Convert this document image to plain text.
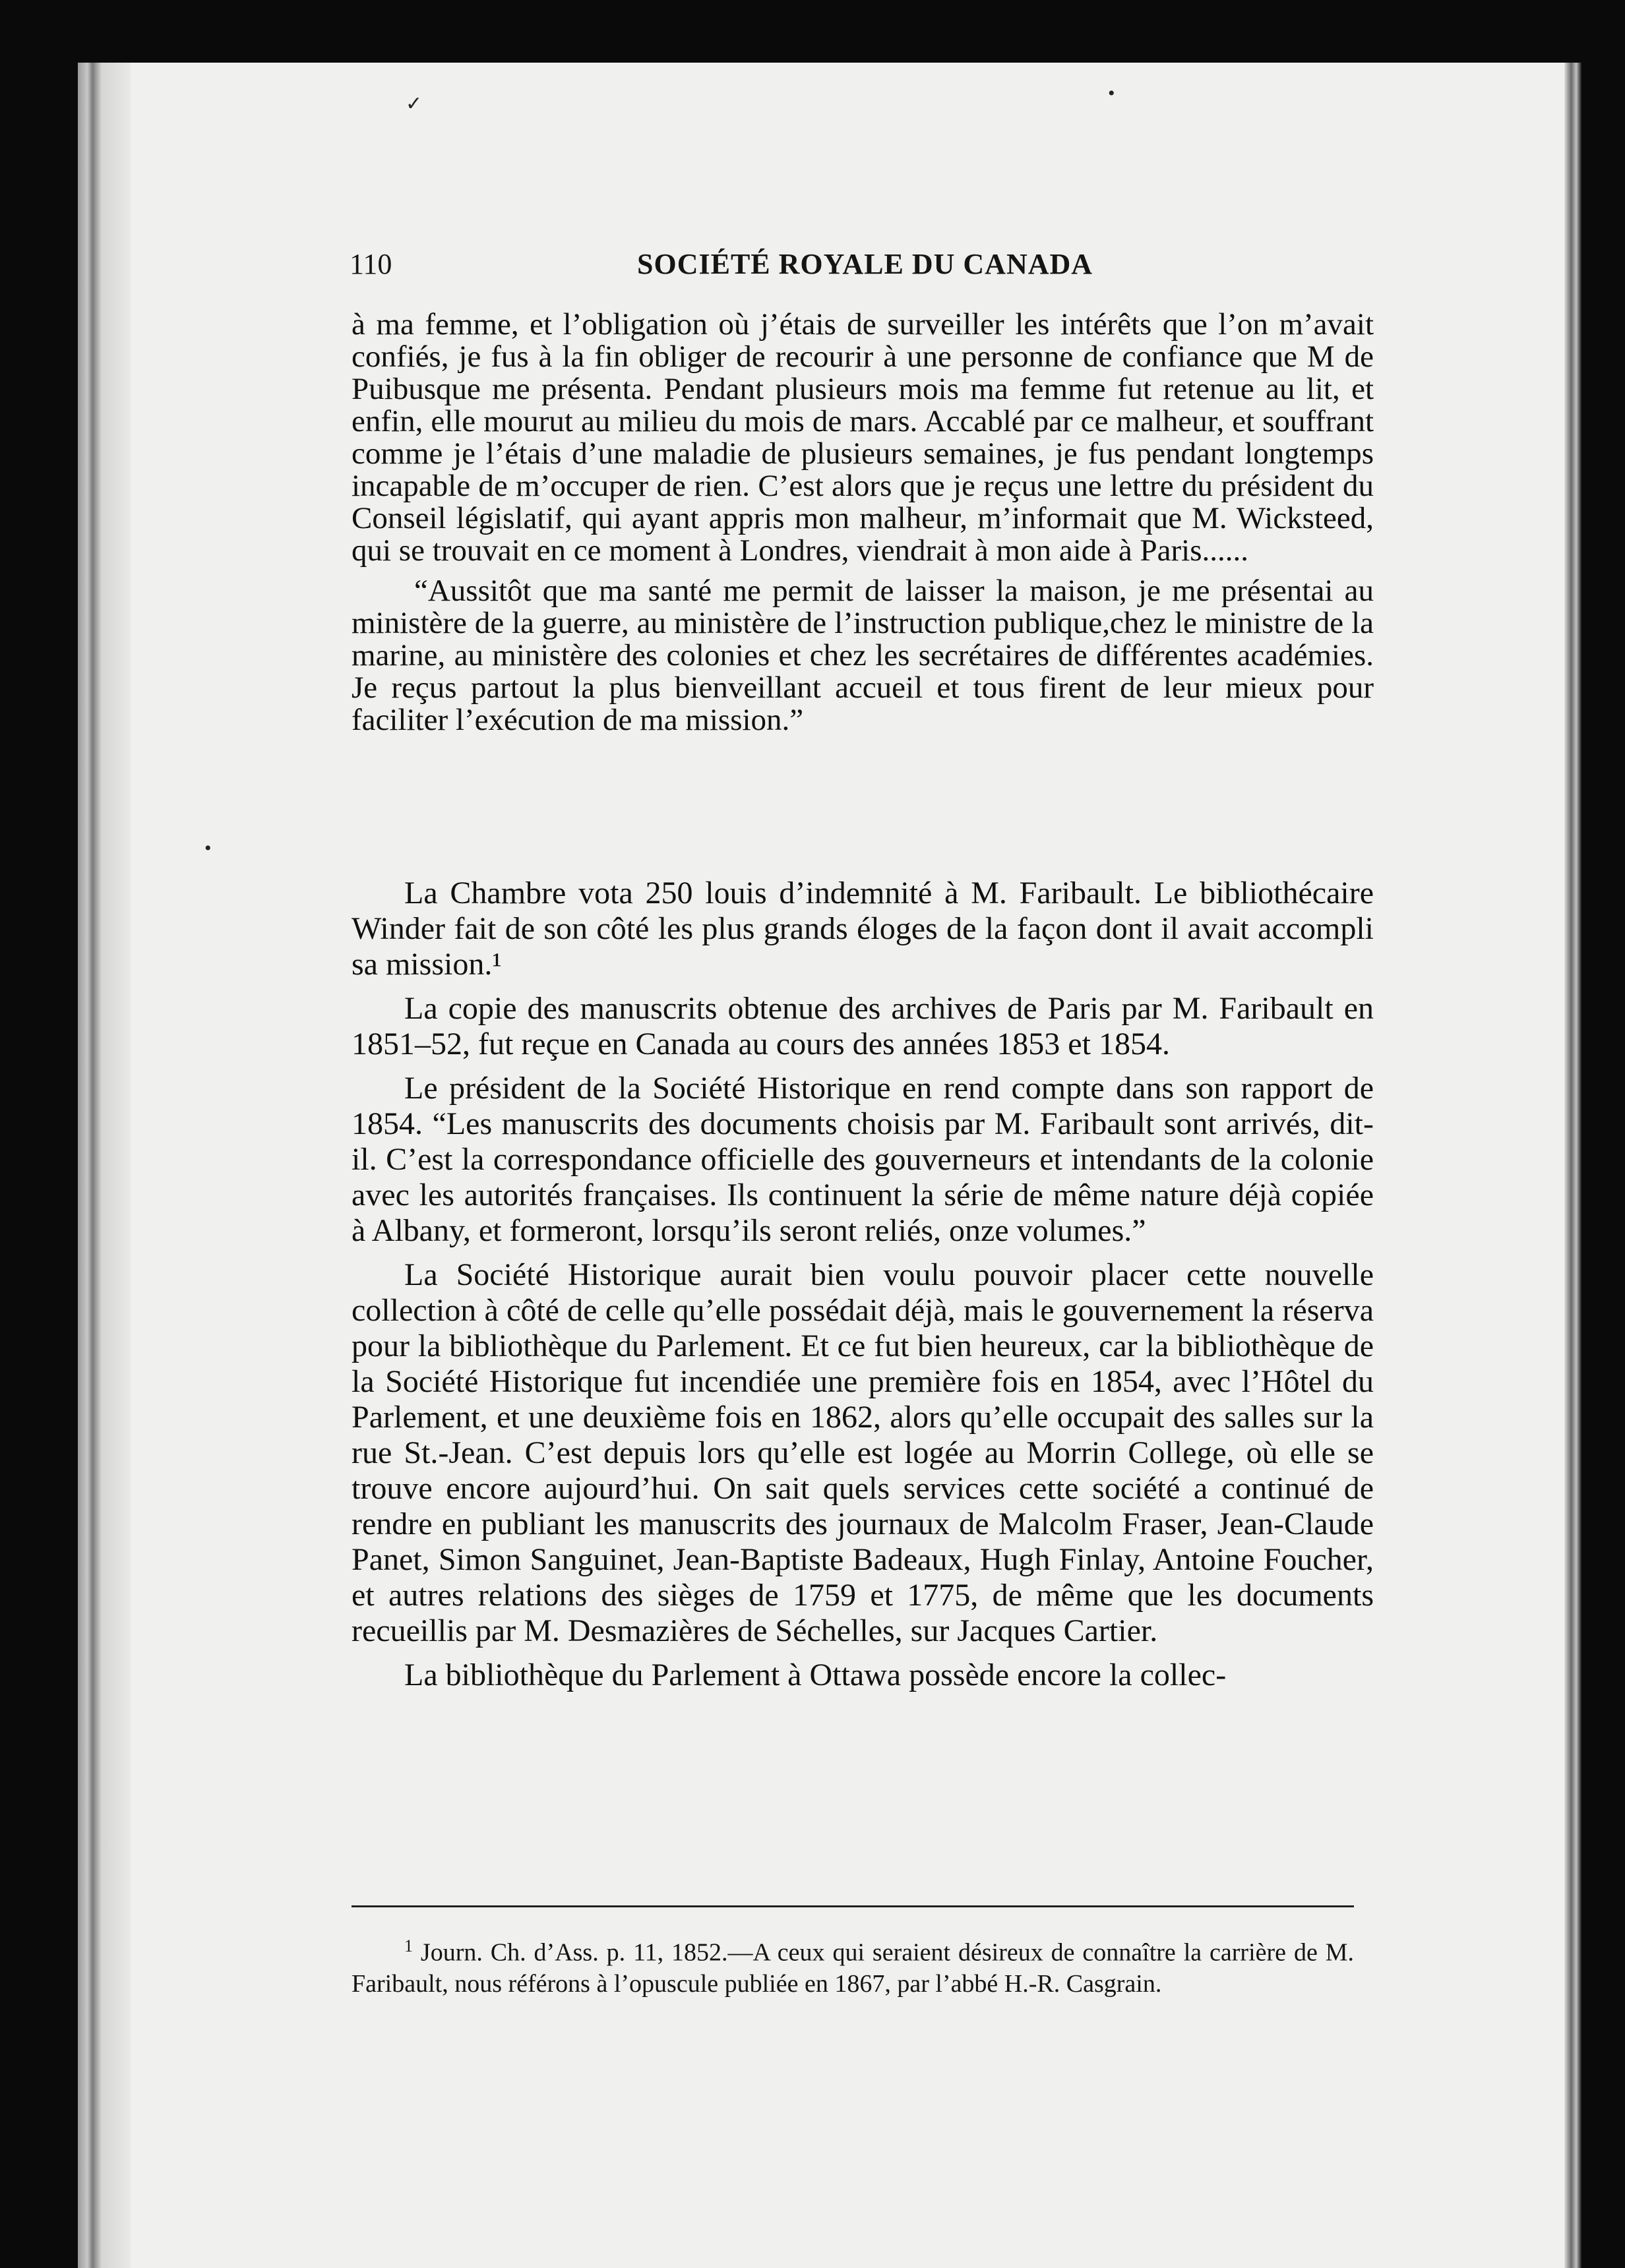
✓	•
•
110	SOCIÉTÉ ROYALE DU CANADA

à ma femme, et l’obligation où j’étais de surveiller les intérêts que l’on m’avait confiés, je fus à la fin obliger de recourir à une personne de confiance que M de Puibusque me présenta. Pendant plusieurs mois ma femme fut retenue au lit, et enfin, elle mourut au milieu du mois de mars. Accablé par ce malheur, et souffrant comme je l’étais d’une maladie de plusieurs semaines, je fus pendant longtemps incapable de m’occuper de rien. C’est alors que je reçus une lettre du président du Conseil législatif, qui ayant appris mon malheur, m’informait que M. Wicksteed, qui se trouvait en ce moment à Londres, viendrait à mon aide à Paris......

“Aussitôt que ma santé me permit de laisser la maison, je me présentai au ministère de la guerre, au ministère de l’instruction publique,chez le ministre de la marine, au ministère des colonies et chez les secrétaires de différentes académies. Je reçus partout la plus bienveillant accueil et tous firent de leur mieux pour faciliter l’exécution de ma mission.”

La Chambre vota 250 louis d’indemnité à M. Faribault. Le bibliothécaire Winder fait de son côté les plus grands éloges de la façon dont il avait accompli sa mission.¹

La copie des manuscrits obtenue des archives de Paris par M. Faribault en 1851–52, fut reçue en Canada au cours des années 1853 et 1854.

Le président de la Société Historique en rend compte dans son rapport de 1854. “Les manuscrits des documents choisis par M. Faribault sont arrivés, dit-il. C’est la correspondance officielle des gouverneurs et intendants de la colonie avec les autorités françaises. Ils continuent la série de même nature déjà copiée à Albany, et formeront, lorsqu’ils seront reliés, onze volumes.”

La Société Historique aurait bien voulu pouvoir placer cette nouvelle collection à côté de celle qu’elle possédait déjà, mais le gouvernement la réserva pour la bibliothèque du Parlement. Et ce fut bien heureux, car la bibliothèque de la Société Historique fut incendiée une première fois en 1854, avec l’Hôtel du Parlement, et une deuxième fois en 1862, alors qu’elle occupait des salles sur la rue St.-Jean. C’est depuis lors qu’elle est logée au Morrin College, où elle se trouve encore aujourd’hui. On sait quels services cette société a continué de rendre en publiant les manuscrits des journaux de Malcolm Fraser, Jean-Claude Panet, Simon Sanguinet, Jean-Baptiste Badeaux, Hugh Finlay, Antoine Foucher, et autres relations des sièges de 1759 et 1775, de même que les documents recueillis par M. Desmazières de Séchelles, sur Jacques Cartier.

La bibliothèque du Parlement à Ottawa possède encore la collec-

$^1$ Journ. Ch. d’Ass. p. 11, 1852.—A ceux qui seraient désireux de connaître la carrière de M. Faribault, nous référons à l’opuscule publiée en 1867, par l’abbé H.-R. Casgrain.
